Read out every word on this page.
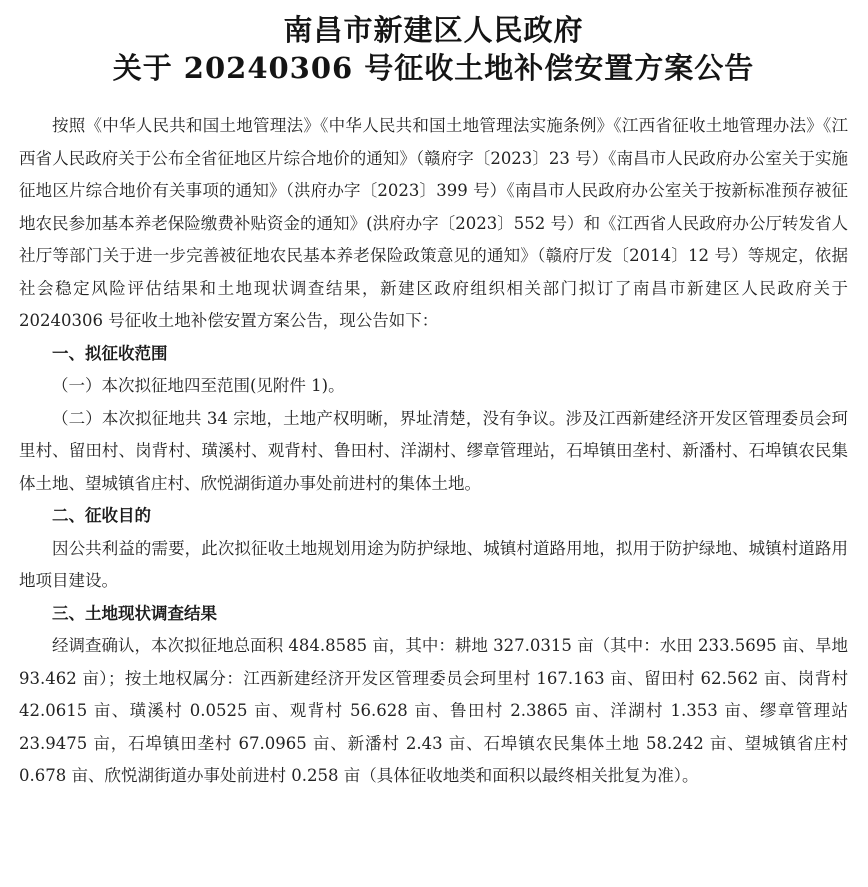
南昌市新建区人民政府
关于 20240306 号征收土地补偿安置方案公告

按照《中华人民共和国土地管理法》《中华人民共和国土地管理法实施条例》《江西省征收土地管理办法》《江西省人民政府关于公布全省征地区片综合地价的通知》（赣府字〔2023〕23 号）《南昌市人民政府办公室关于实施征地区片综合地价有关事项的通知》（洪府办字〔2023〕399 号）《南昌市人民政府办公室关于按新标准预存被征地农民参加基本养老保险缴费补贴资金的通知》(洪府办字〔2023〕552 号）和《江西省人民政府办公厅转发省人社厅等部门关于进一步完善被征地农民基本养老保险政策意见的通知》（赣府厅发〔2014〕12 号）等规定，依据社会稳定风险评估结果和土地现状调查结果，新建区政府组织相关部门拟订了南昌市新建区人民政府关于 20240306 号征收土地补偿安置方案公告，现公告如下：

一、拟征收范围

（一）本次拟征地四至范围(见附件 1)。

（二）本次拟征地共 34 宗地，土地产权明晰，界址清楚，没有争议。涉及江西新建经济开发区管理委员会珂里村、留田村、岗背村、璜溪村、观背村、鲁田村、洋湖村、缪章管理站，石埠镇田垄村、新潘村、石埠镇农民集体土地、望城镇省庄村、欣悦湖街道办事处前进村的集体土地。

二、征收目的

因公共利益的需要，此次拟征收土地规划用途为防护绿地、城镇村道路用地，拟用于防护绿地、城镇村道路用地项目建设。

三、土地现状调查结果

经调查确认，本次拟征地总面积 484.8585 亩，其中：耕地 327.0315 亩（其中：水田 233.5695 亩、旱地 93.462 亩）；按土地权属分：江西新建经济开发区管理委员会珂里村 167.163 亩、留田村 62.562 亩、岗背村 42.0615 亩、璜溪村 0.0525 亩、观背村 56.628 亩、鲁田村 2.3865 亩、洋湖村 1.353 亩、缪章管理站 23.9475 亩，石埠镇田垄村 67.0965 亩、新潘村 2.43 亩、石埠镇农民集体土地 58.242 亩、望城镇省庄村 0.678 亩、欣悦湖街道办事处前进村 0.258 亩（具体征收地类和面积以最终相关批复为准）。
